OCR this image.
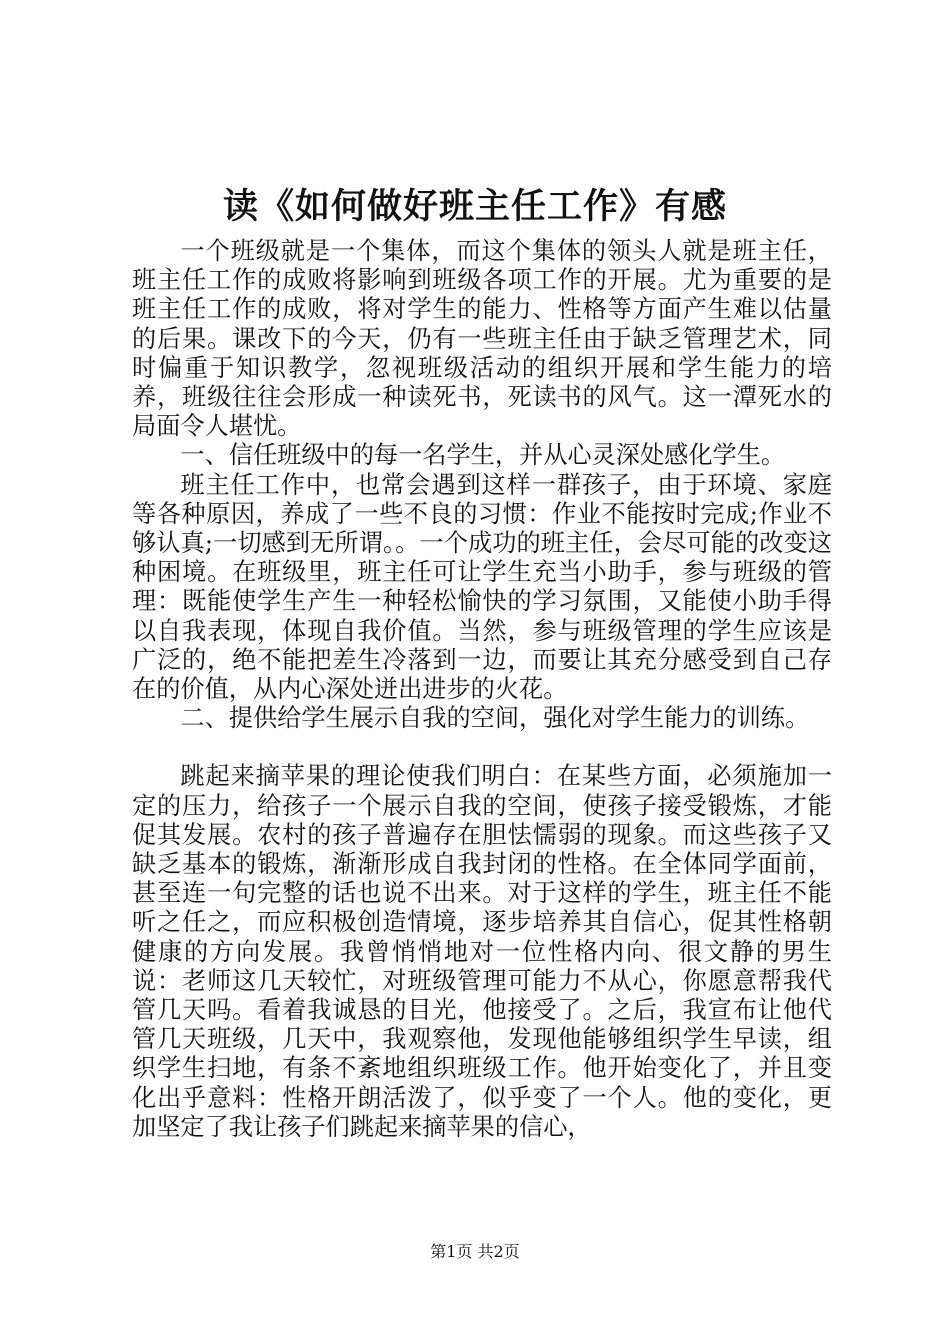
读《如何做好班主任工作》有感

一个班级就是一个集体，而这个集体的领头人就是班主任，班主任工作的成败将影响到班级各项工作的开展。尤为重要的是班主任工作的成败，将对学生的能力、性格等方面产生难以估量的后果。课改下的今天，仍有一些班主任由于缺乏管理艺术，同时偏重于知识教学，忽视班级活动的组织开展和学生能力的培养，班级往往会形成一种读死书，死读书的风气。这一潭死水的局面令人堪忧。

一、信任班级中的每一名学生，并从心灵深处感化学生。

班主任工作中，也常会遇到这样一群孩子，由于环境、家庭等各种原因，养成了一些不良的习惯：作业不能按时完成;作业不够认真;一切感到无所谓。。一个成功的班主任，会尽可能的改变这种困境。在班级里，班主任可让学生充当小助手，参与班级的管理：既能使学生产生一种轻松愉快的学习氛围，又能使小助手得以自我表现，体现自我价值。当然，参与班级管理的学生应该是广泛的，绝不能把差生冷落到一边，而要让其充分感受到自己存在的价值，从内心深处迸出进步的火花。

二、提供给学生展示自我的空间，强化对学生能力的训练。

跳起来摘苹果的理论使我们明白：在某些方面，必须施加一定的压力，给孩子一个展示自我的空间，使孩子接受锻炼，才能促其发展。农村的孩子普遍存在胆怯懦弱的现象。而这些孩子又缺乏基本的锻炼，渐渐形成自我封闭的性格。在全体同学面前，甚至连一句完整的话也说不出来。对于这样的学生，班主任不能听之任之，而应积极创造情境，逐步培养其自信心，促其性格朝健康的方向发展。我曾悄悄地对一位性格内向、很文静的男生说：老师这几天较忙，对班级管理可能力不从心，你愿意帮我代管几天吗。看着我诚恳的目光，他接受了。之后，我宣布让他代管几天班级，几天中，我观察他，发现他能够组织学生早读，组织学生扫地，有条不紊地组织班级工作。他开始变化了，并且变化出乎意料：性格开朗活泼了，似乎变了一个人。他的变化，更加坚定了我让孩子们跳起来摘苹果的信心，

第1页 共2页
